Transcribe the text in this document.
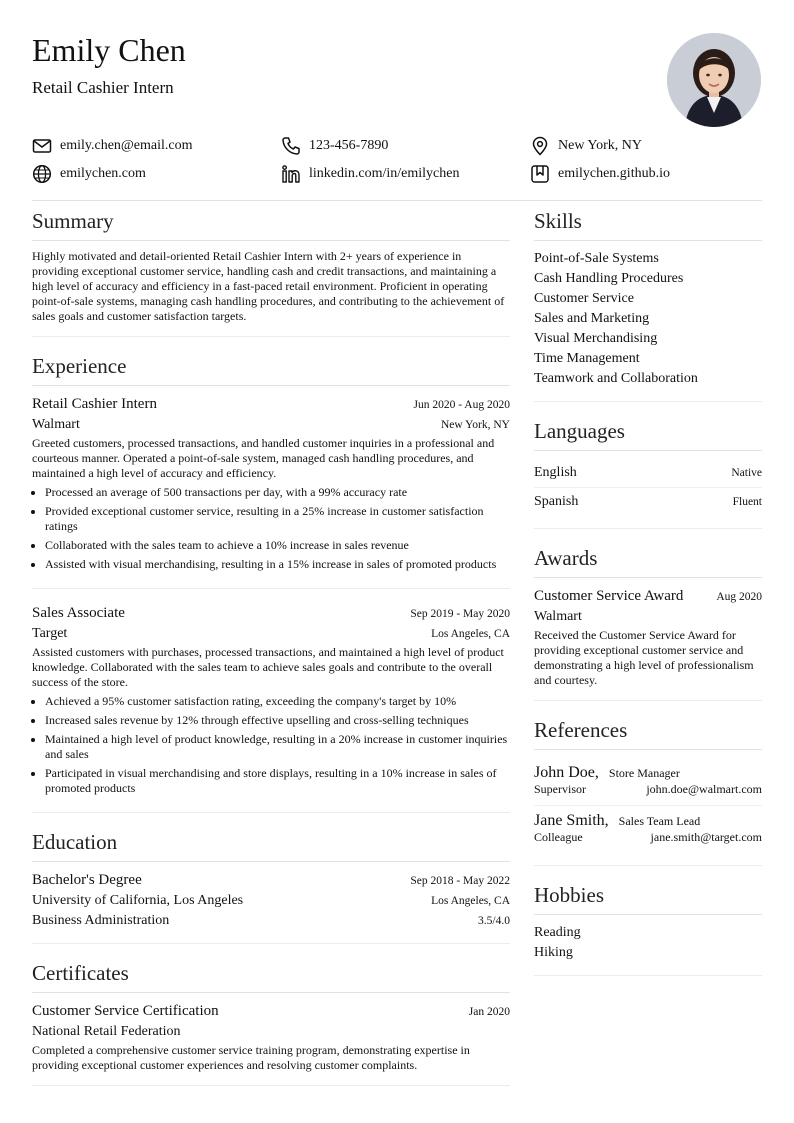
Emily Chen
Retail Cashier Intern
emily.chen@email.com	123-456-7890	New York, NY
emilychen.com	linkedin.com/in/emilychen	emilychen.github.io
Summary
Highly motivated and detail-oriented Retail Cashier Intern with 2+ years of experience in providing exceptional customer service, handling cash and credit transactions, and maintaining a high level of accuracy and efficiency in a fast-paced retail environment. Proficient in operating point-of-sale systems, managing cash handling procedures, and contributing to the achievement of sales goals and customer satisfaction targets.
Experience
Retail Cashier Intern	Jun 2020 - Aug 2020
Walmart	New York, NY
Greeted customers, processed transactions, and handled customer inquiries in a professional and courteous manner. Operated a point-of-sale system, managed cash handling procedures, and maintained a high level of accuracy and efficiency.
• Processed an average of 500 transactions per day, with a 99% accuracy rate
• Provided exceptional customer service, resulting in a 25% increase in customer satisfaction ratings
• Collaborated with the sales team to achieve a 10% increase in sales revenue
• Assisted with visual merchandising, resulting in a 15% increase in sales of promoted products
Sales Associate	Sep 2019 - May 2020
Target	Los Angeles, CA
Assisted customers with purchases, processed transactions, and maintained a high level of product knowledge. Collaborated with the sales team to achieve sales goals and contribute to the overall success of the store.
• Achieved a 95% customer satisfaction rating, exceeding the company's target by 10%
• Increased sales revenue by 12% through effective upselling and cross-selling techniques
• Maintained a high level of product knowledge, resulting in a 20% increase in customer inquiries and sales
• Participated in visual merchandising and store displays, resulting in a 10% increase in sales of promoted products
Education
Bachelor's Degree	Sep 2018 - May 2022
University of California, Los Angeles	Los Angeles, CA
Business Administration	3.5/4.0
Certificates
Customer Service Certification	Jan 2020
National Retail Federation
Completed a comprehensive customer service training program, demonstrating expertise in providing exceptional customer experiences and resolving customer complaints.
Skills
Point-of-Sale Systems
Cash Handling Procedures
Customer Service
Sales and Marketing
Visual Merchandising
Time Management
Teamwork and Collaboration
Languages
English	Native
Spanish	Fluent
Awards
Customer Service Award	Aug 2020
Walmart
Received the Customer Service Award for providing exceptional customer service and demonstrating a high level of professionalism and courtesy.
References
John Doe, Store Manager
Supervisor	john.doe@walmart.com
Jane Smith, Sales Team Lead
Colleague	jane.smith@target.com
Hobbies
Reading
Hiking
